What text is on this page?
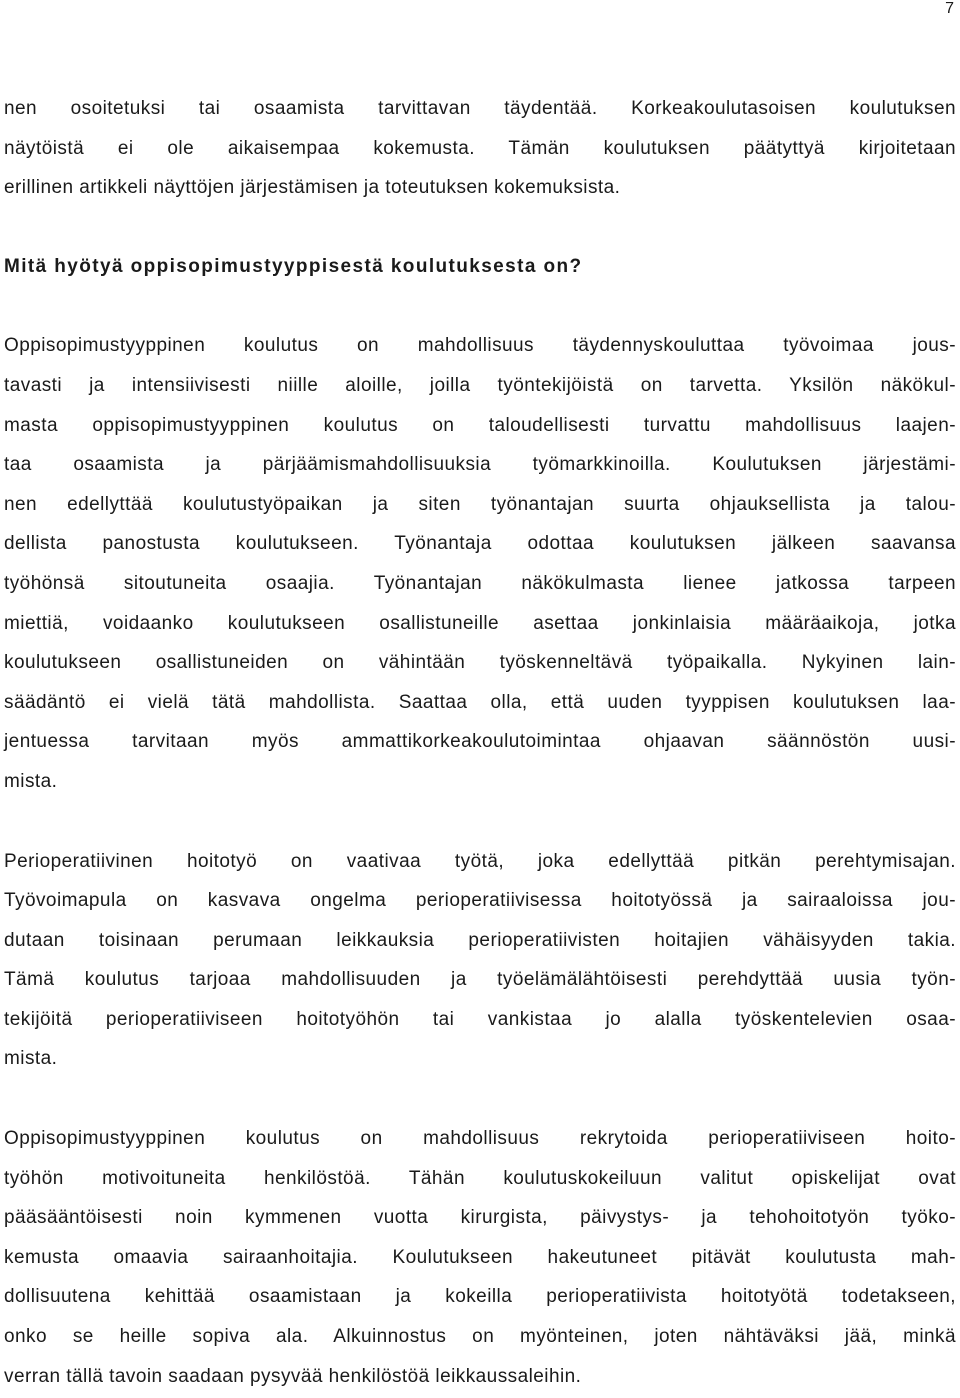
7
nen osoitetuksi tai osaamista tarvittavan täydentää. Korkeakoulutasoisen koulutuksen
näytöistä ei ole aikaisempaa kokemusta. Tämän koulutuksen päätyttyä kirjoitetaan
erillinen artikkeli näyttöjen järjestämisen ja toteutuksen kokemuksista.
Mitä hyötyä oppisopimustyyppisestä koulutuksesta on?
Oppisopimustyyppinen koulutus on mahdollisuus täydennyskouluttaa työvoimaa jous-
tavasti ja intensiivisesti niille aloille, joilla työntekijöistä on tarvetta. Yksilön näkökul-
masta oppisopimustyyppinen koulutus on taloudellisesti turvattu mahdollisuus laajen-
taa osaamista ja pärjäämismahdollisuuksia työmarkkinoilla. Koulutuksen järjestämi-
nen edellyttää koulutustyöpaikan ja siten työnantajan suurta ohjauksellista ja talou-
dellista panostusta koulutukseen. Työnantaja odottaa koulutuksen jälkeen saavansa
työhönsä sitoutuneita osaajia. Työnantajan näkökulmasta lienee jatkossa tarpeen
miettiä, voidaanko koulutukseen osallistuneille asettaa jonkinlaisia määräaikoja, jotka
koulutukseen osallistuneiden on vähintään työskenneltävä työpaikalla. Nykyinen lain-
säädäntö ei vielä tätä mahdollista. Saattaa olla, että uuden tyyppisen koulutuksen laa-
jentuessa tarvitaan myös ammattikorkeakoulutoimintaa ohjaavan säännöstön uusi-
mista.
Perioperatiivinen hoitotyö on vaativaa työtä, joka edellyttää pitkän perehtymisajan.
Työvoimapula on kasvava ongelma perioperatiivisessa hoitotyössä ja sairaaloissa jou-
dutaan toisinaan perumaan leikkauksia perioperatiivisten hoitajien vähäisyyden takia.
Tämä koulutus tarjoaa mahdollisuuden ja työelämälähtöisesti perehdyttää uusia työn-
tekijöitä perioperatiiviseen hoitotyöhön tai vankistaa jo alalla työskentelevien osaa-
mista.
Oppisopimustyyppinen koulutus on mahdollisuus rekrytoida perioperatiiviseen hoito-
työhön motivoituneita henkilöstöä. Tähän koulutuskokeiluun valitut opiskelijat ovat
pääsääntöisesti noin kymmenen vuotta kirurgista, päivystys- ja tehohoitotyön työko-
kemusta omaavia sairaanhoitajia. Koulutukseen hakeutuneet pitävät koulutusta mah-
dollisuutena kehittää osaamistaan ja kokeilla perioperatiivista hoitotyötä todetakseen,
onko se heille sopiva ala. Alkuinnostus on myönteinen, joten nähtäväksi jää, minkä
verran tällä tavoin saadaan pysyvää henkilöstöä leikkaussaleihin.
